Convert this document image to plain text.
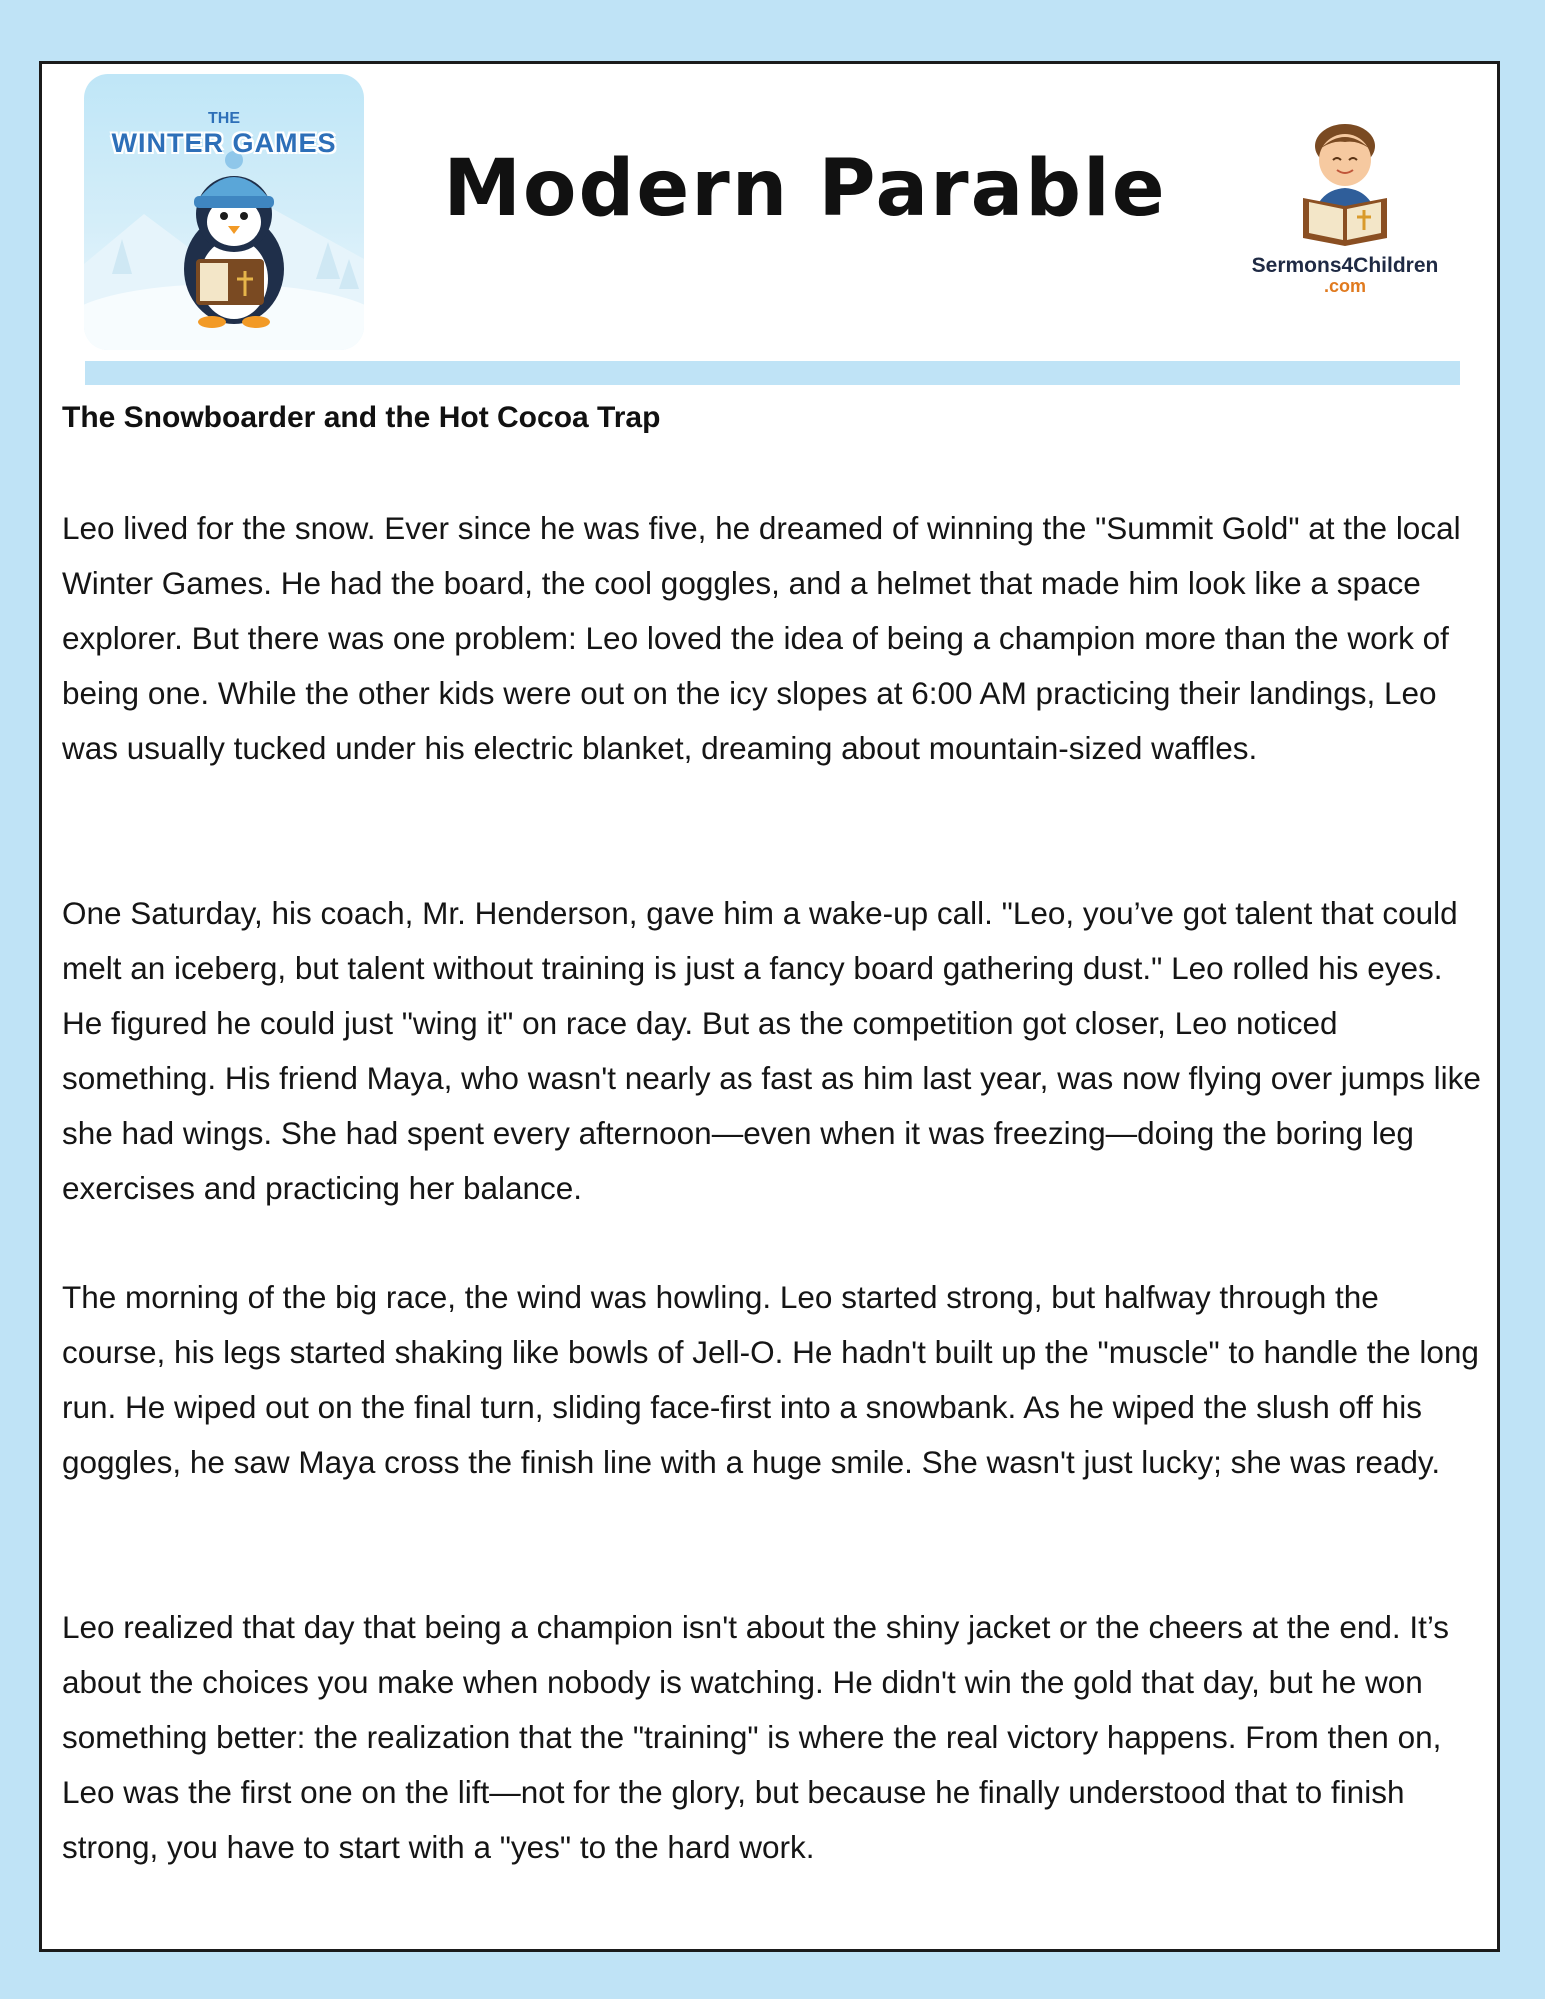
THE
WINTER GAMES
Modern Parable
Sermons4Children
.com
The Snowboarder and the Hot Cocoa Trap

Leo lived for the snow. Ever since he was five, he dreamed of winning the "Summit Gold" at the local Winter Games. He had the board, the cool goggles, and a helmet that made him look like a space explorer. But there was one problem: Leo loved the idea of being a champion more than the work of being one. While the other kids were out on the icy slopes at 6:00 AM practicing their landings, Leo was usually tucked under his electric blanket, dreaming about mountain-sized waffles.

One Saturday, his coach, Mr. Henderson, gave him a wake-up call. "Leo, you’ve got talent that could melt an iceberg, but talent without training is just a fancy board gathering dust." Leo rolled his eyes. He figured he could just "wing it" on race day. But as the competition got closer, Leo noticed something. His friend Maya, who wasn't nearly as fast as him last year, was now flying over jumps like she had wings. She had spent every afternoon—even when it was freezing—doing the boring leg exercises and practicing her balance.

The morning of the big race, the wind was howling. Leo started strong, but halfway through the course, his legs started shaking like bowls of Jell-O. He hadn't built up the "muscle" to handle the long run. He wiped out on the final turn, sliding face-first into a snowbank. As he wiped the slush off his goggles, he saw Maya cross the finish line with a huge smile. She wasn't just lucky; she was ready.

Leo realized that day that being a champion isn't about the shiny jacket or the cheers at the end. It’s about the choices you make when nobody is watching. He didn't win the gold that day, but he won something better: the realization that the "training" is where the real victory happens. From then on, Leo was the first one on the lift—not for the glory, but because he finally understood that to finish strong, you have to start with a "yes" to the hard work.
